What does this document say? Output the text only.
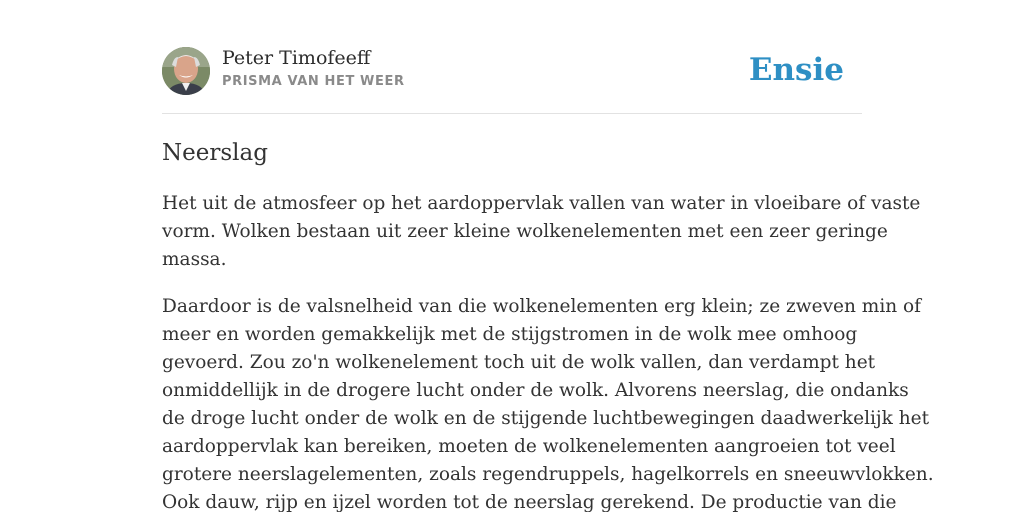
Peter Timofeeff
PRISMA VAN HET WEER	Ensie
Neerslag

Het uit de atmosfeer op het aardoppervlak vallen van water in vloeibare of vaste
vorm. Wolken bestaan uit zeer kleine wolkenelementen met een zeer geringe
massa.

Daardoor is de valsnelheid van die wolkenelementen erg klein; ze zweven min of
meer en worden gemakkelijk met de stijgstromen in de wolk mee omhoog
gevoerd. Zou zo'n wolkenelement toch uit de wolk vallen, dan verdampt het
onmiddellijk in de drogere lucht onder de wolk. Alvorens neerslag, die ondanks
de droge lucht onder de wolk en de stijgende luchtbewegingen daadwerkelijk het
aardoppervlak kan bereiken, moeten de wolkenelementen aangroeien tot veel
grotere neerslagelementen, zoals regendruppels, hagelkorrels en sneeuwvlokken.
Ook dauw, rijp en ijzel worden tot de neerslag gerekend. De productie van die
